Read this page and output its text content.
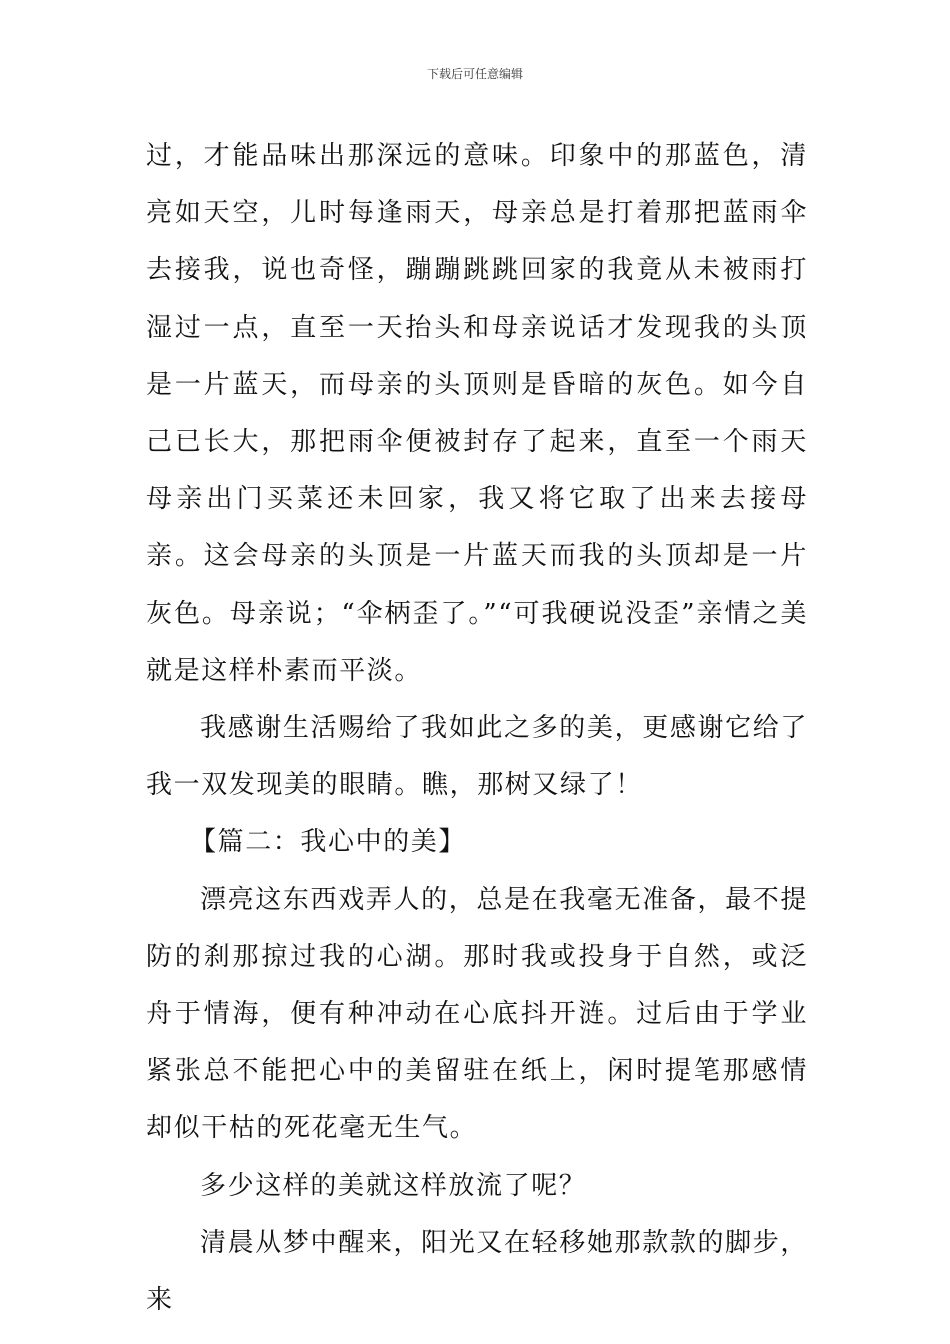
下载后可任意编辑

过，才能品味出那深远的意味。印象中的那蓝色，清亮如天空，儿时每逢雨天，母亲总是打着那把蓝雨伞去接我，说也奇怪，蹦蹦跳跳回家的我竟从未被雨打湿过一点，直至一天抬头和母亲说话才发现我的头顶是一片蓝天，而母亲的头顶则是昏暗的灰色。如今自己已长大，那把雨伞便被封存了起来，直至一个雨天母亲出门买菜还未回家，我又将它取了出来去接母亲。这会母亲的头顶是一片蓝天而我的头顶却是一片灰色。母亲说；“伞柄歪了。”“可我硬说没歪”亲情之美就是这样朴素而平淡。

我感谢生活赐给了我如此之多的美，更感谢它给了我一双发现美的眼睛。瞧，那树又绿了！

【篇二：我心中的美】

漂亮这东西戏弄人的，总是在我毫无准备，最不提防的刹那掠过我的心湖。那时我或投身于自然，或泛舟于情海，便有种冲动在心底抖开涟。过后由于学业紧张总不能把心中的美留驻在纸上，闲时提笔那感情却似干枯的死花毫无生气。

多少这样的美就这样放流了呢？

清晨从梦中醒来，阳光又在轻移她那款款的脚步，来
